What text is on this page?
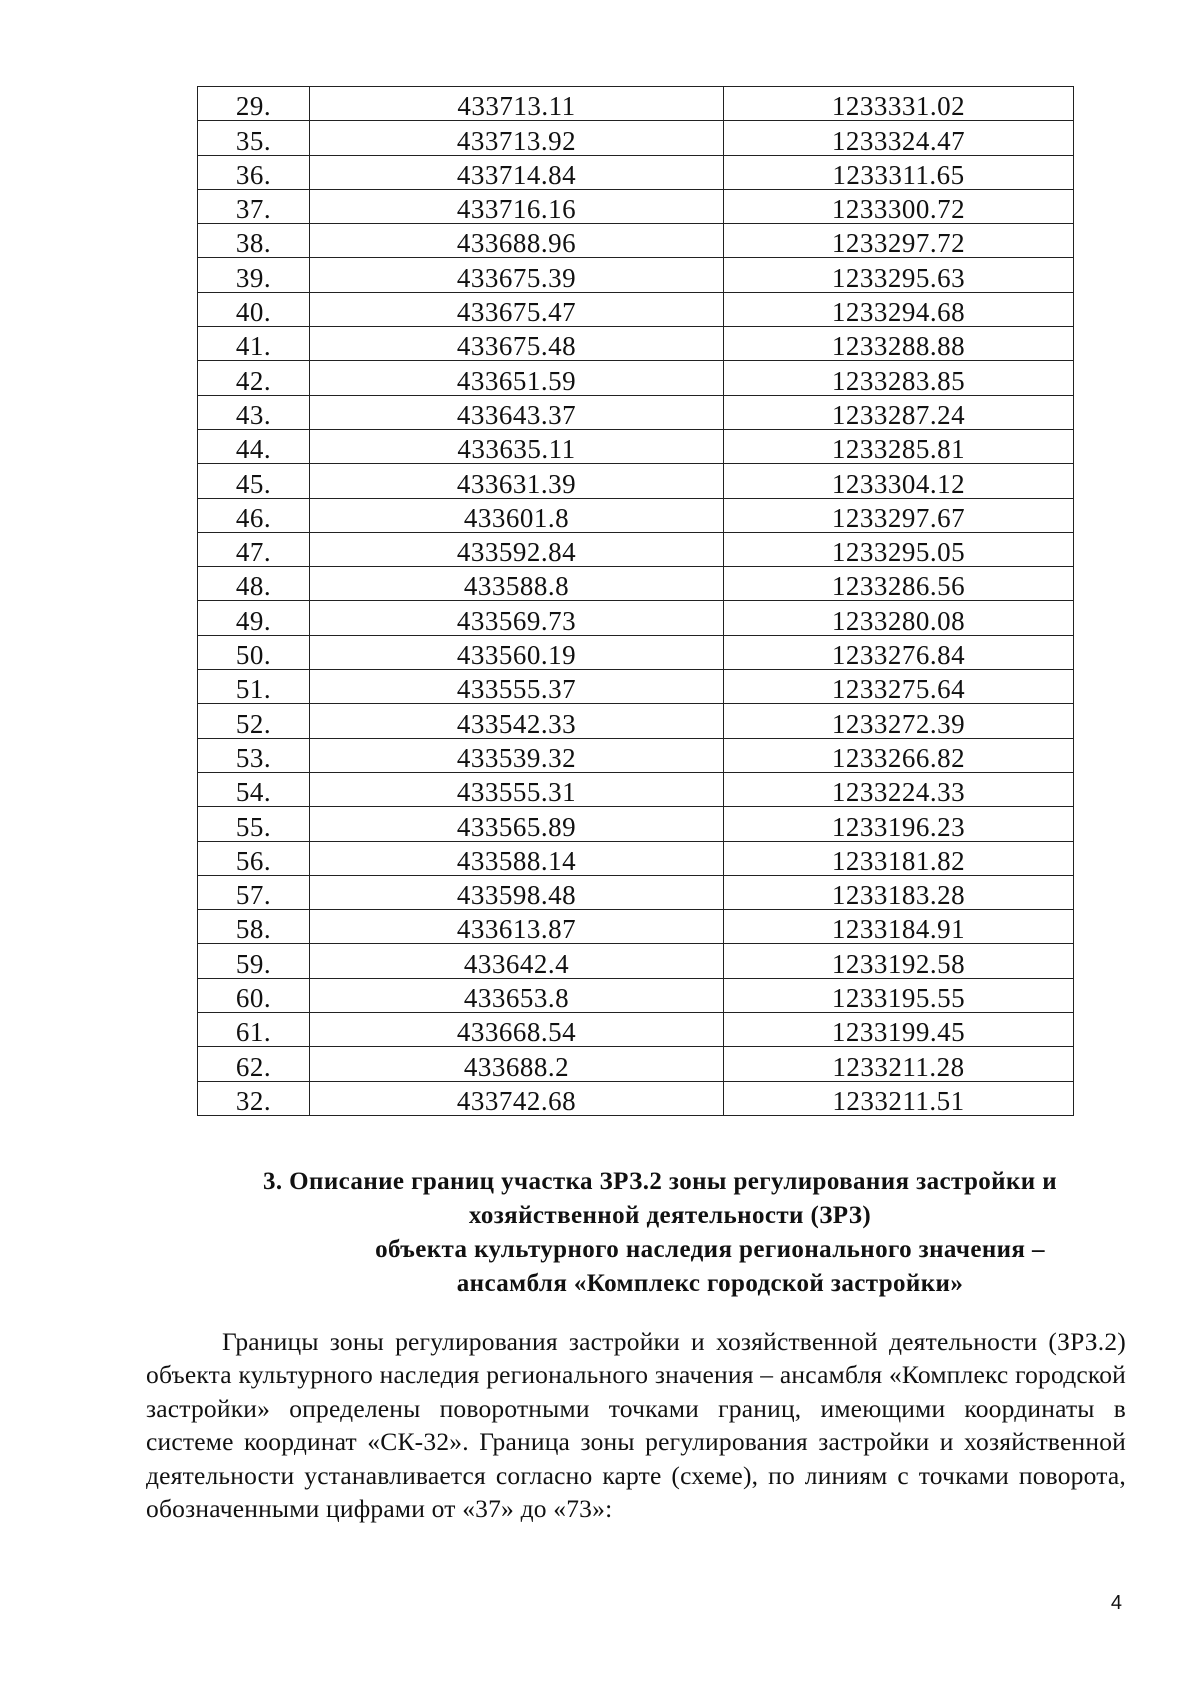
29.	433713.11	1233331.02
35.	433713.92	1233324.47
36.	433714.84	1233311.65
37.	433716.16	1233300.72
38.	433688.96	1233297.72
39.	433675.39	1233295.63
40.	433675.47	1233294.68
41.	433675.48	1233288.88
42.	433651.59	1233283.85
43.	433643.37	1233287.24
44.	433635.11	1233285.81
45.	433631.39	1233304.12
46.	433601.8	1233297.67
47.	433592.84	1233295.05
48.	433588.8	1233286.56
49.	433569.73	1233280.08
50.	433560.19	1233276.84
51.	433555.37	1233275.64
52.	433542.33	1233272.39
53.	433539.32	1233266.82
54.	433555.31	1233224.33
55.	433565.89	1233196.23
56.	433588.14	1233181.82
57.	433598.48	1233183.28
58.	433613.87	1233184.91
59.	433642.4	1233192.58
60.	433653.8	1233195.55
61.	433668.54	1233199.45
62.	433688.2	1233211.28
32.	433742.68	1233211.51
3. Описание границ участка ЗРЗ.2 зоны регулирования застройки и
хозяйственной деятельности (ЗРЗ)
объекта культурного наследия регионального значения –
ансамбля «Комплекс городской застройки»
Границы зоны регулирования застройки и хозяйственной деятельности (ЗРЗ.2) объекта культурного наследия регионального значения – ансамбля «Комплекс городской застройки» определены поворотными точками границ, имеющими координаты в системе координат «СК-32». Граница зоны регулирования застройки и хозяйственной деятельности устанавливается согласно карте (схеме), по линиям с точками поворота, обозначенными цифрами от «37» до «73»:
4
